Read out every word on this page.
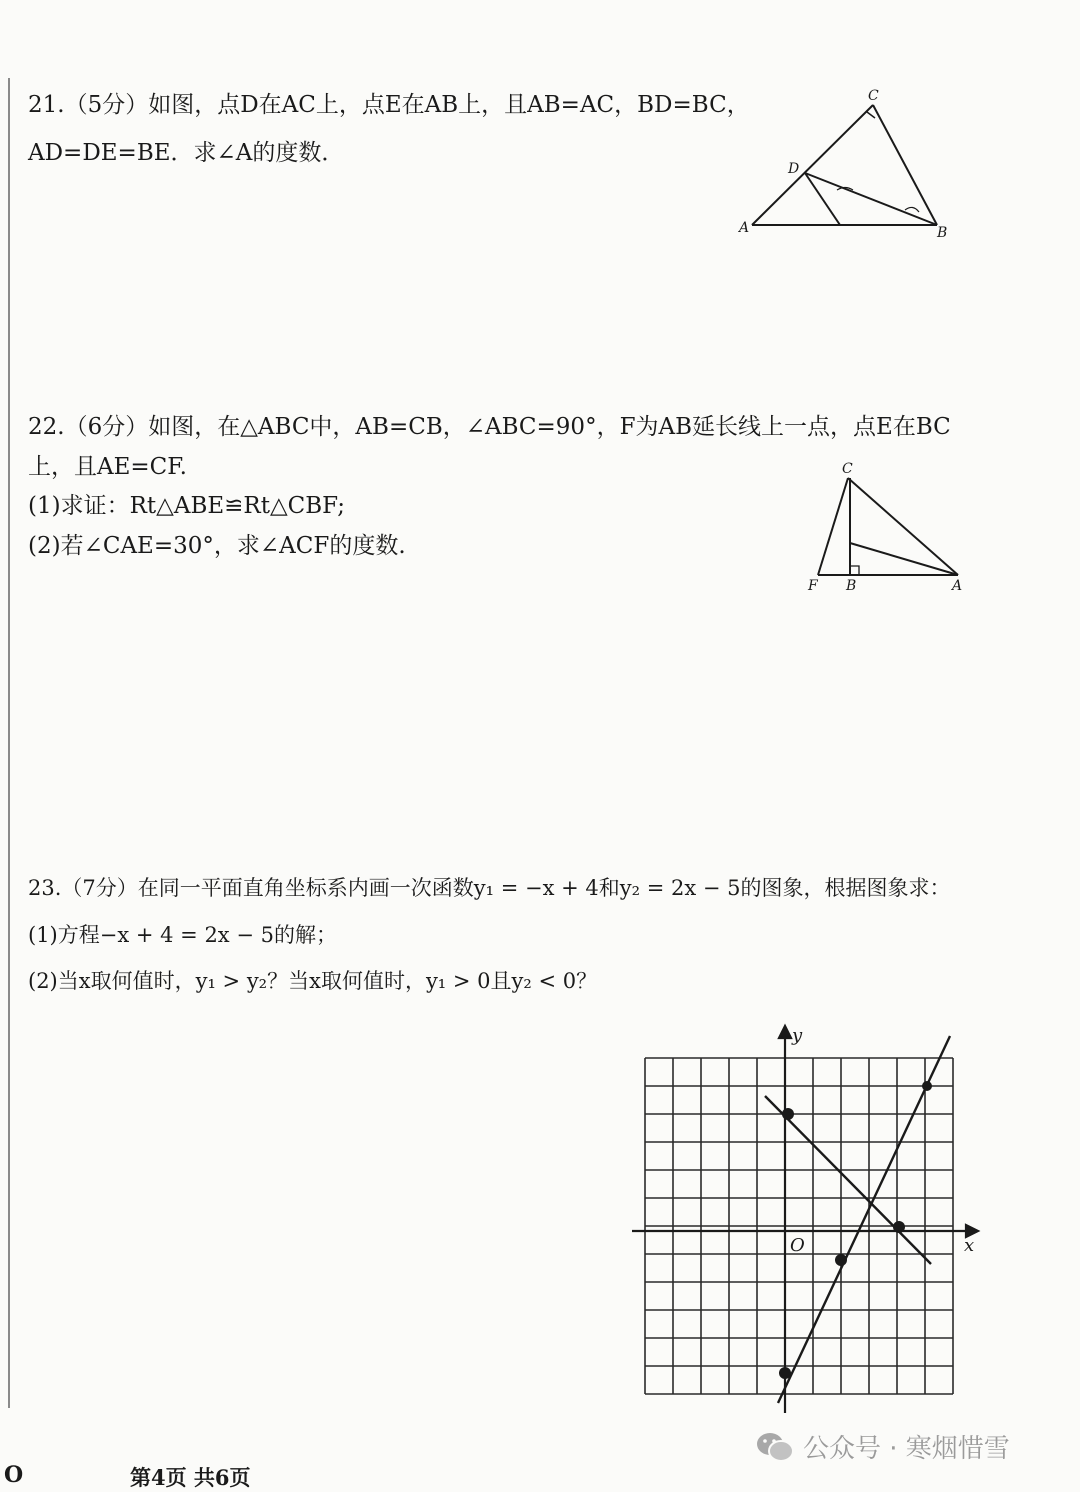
21.（5分）如图，点D在AC上，点E在AB上，且AB=AC，BD=BC，
AD=DE=BE．求∠A的度数．
A	B
C
D
22.（6分）如图，在△ABC中，AB=CB，∠ABC=90°，F为AB延长线上一点，点E在BC
上，且AE=CF.
(1)求证：Rt△ABE≌Rt△CBF;
(2)若∠CAE=30°，求∠ACF的度数.
C
F B	A
23.（7分）在同一平面直角坐标系内画一次函数y₁ = −x + 4和y₂ = 2x − 5的图象，根据图象求：
(1)方程−x + 4 = 2x − 5的解；
(2)当x取何值时，y₁ > y₂？当x取何值时，y₁ > 0且y₂ < 0？
y
x
O
O	第4页 共6页
公众号 · 寒烟惜雪
